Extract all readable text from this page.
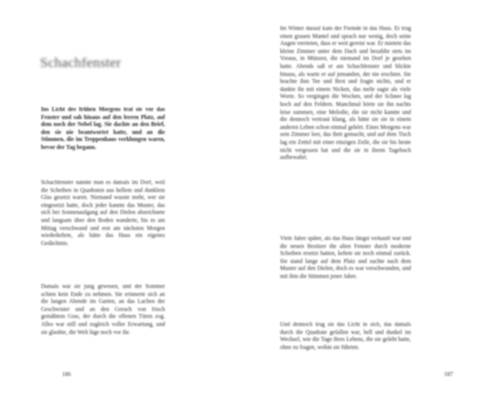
Schachfenster
Ins Licht des frühen Morgens trat sie vor das Fenster und sah hinaus auf den leeren Platz, auf dem noch der Nebel lag. Sie dachte an den Brief, den sie nie beantwortet hatte, und an die Stimmen, die im Treppenhaus verklungen waren, bevor der Tag begann.
Schachfenster nannte man es damals im Dorf, weil die Scheiben in Quadraten aus hellem und dunklem Glas gesetzt waren. Niemand wusste mehr, wer sie eingesetzt hatte, doch jeder kannte das Muster, das sich bei Sonnenaufgang auf den Dielen abzeichnete und langsam über den Boden wanderte, bis es am Mittag verschwand und erst am nächsten Morgen wiederkehrte, als hätte das Haus ein eigenes Gedächtnis.
Damals war sie jung gewesen, und der Sommer schien kein Ende zu nehmen. Sie erinnerte sich an die langen Abende im Garten, an das Lachen der Geschwister und an den Geruch von frisch gemähtem Gras, der durch die offenen Türen zog. Alles war still und zugleich voller Erwartung, und sie glaubte, die Welt läge noch vor ihr.
186
Im Winter darauf kam der Fremde in das Haus. Er trug einen grauen Mantel und sprach nur wenig, doch seine Augen verrieten, dass er weit gereist war. Er mietete das kleine Zimmer unter dem Dach und bezahlte stets im Voraus, in Münzen, die niemand im Dorf je gesehen hatte. Abends saß er am Schachfenster und blickte hinaus, als warte er auf jemanden, der nie erschien. Sie brachte ihm Tee und Brot und fragte nichts, und er dankte ihr mit einem Nicken, das mehr sagte als viele Worte. So vergingen die Wochen, und der Schnee lag hoch auf den Feldern. Manchmal hörte sie ihn nachts leise summen, eine Melodie, die sie nicht kannte und die dennoch vertraut klang, als hätte sie sie in einem anderen Leben schon einmal gehört. Eines Morgens war sein Zimmer leer, das Bett gemacht, und auf dem Tisch lag ein Zettel mit einer einzigen Zeile, die sie bis heute nicht vergessen hat und die sie in ihrem Tagebuch aufbewahrt.
Viele Jahre später, als das Haus längst verkauft war und die neuen Besitzer die alten Fenster durch moderne Scheiben ersetzt hatten, kehrte sie noch einmal zurück. Sie stand lange auf dem Platz und suchte nach dem Muster auf den Dielen, doch es war verschwunden, und mit ihm die Stimmen jener Jahre.
Und dennoch trug sie das Licht in sich, das damals durch die Quadrate gefallen war, hell und dunkel im Wechsel, wie die Tage ihres Lebens, die sie gelebt hatte, ohne zu fragen, wohin sie führten.
187
